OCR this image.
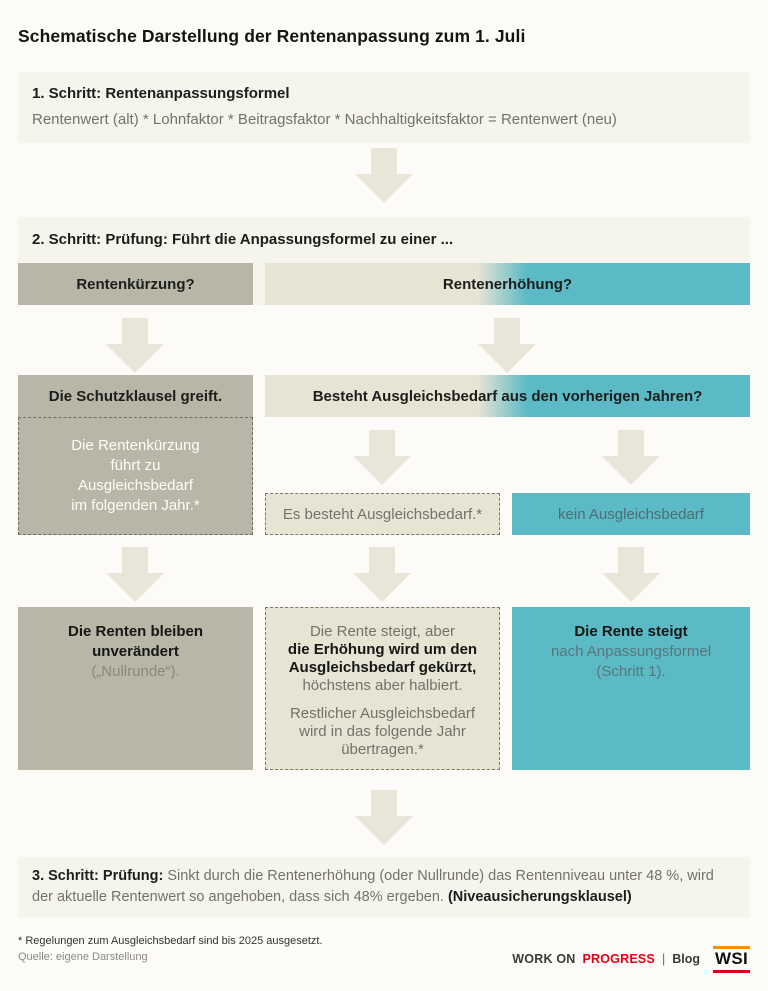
Schematische Darstellung der Rentenanpassung zum 1. Juli
1. Schritt: Rentenanpassungsformel
Rentenwert (alt) * Lohnfaktor * Beitragsfaktor * Nachhaltigkeitsfaktor = Rentenwert (neu)
2. Schritt: Prüfung: Führt die Anpassungsformel zu einer ...
Rentenkürzung?	Rentenerhöhung?
Die Schutzklausel greift.	Besteht Ausgleichsbedarf aus den vorherigen Jahren?
Die Rentenkürzung
führt zu
Ausgleichsbedarf
im folgenden Jahr.*	Es besteht Ausgleichsbedarf.*	kein Ausgleichsbedarf
Die Renten bleiben
unverändert
(„Nullrunde“).
Die Rente steigt, aber
die Erhöhung wird um den
Ausgleichsbedarf gekürzt,
höchstens aber halbiert.
Restlicher Ausgleichsbedarf
wird in das folgende Jahr
übertragen.*
Die Rente steigt
nach Anpassungsformel
(Schritt 1).
3. Schritt: Prüfung: Sinkt durch die Rentenerhöhung (oder Nullrunde) das Rentenniveau unter 48 %, wird der aktuelle Rentenwert so angehoben, dass sich 48% ergeben. (Niveausicherungsklausel)
* Regelungen zum Ausgleichsbedarf sind bis 2025 ausgesetzt.
Quelle: eigene Darstellung	WORK ON PROGRESS | Blog WSI
